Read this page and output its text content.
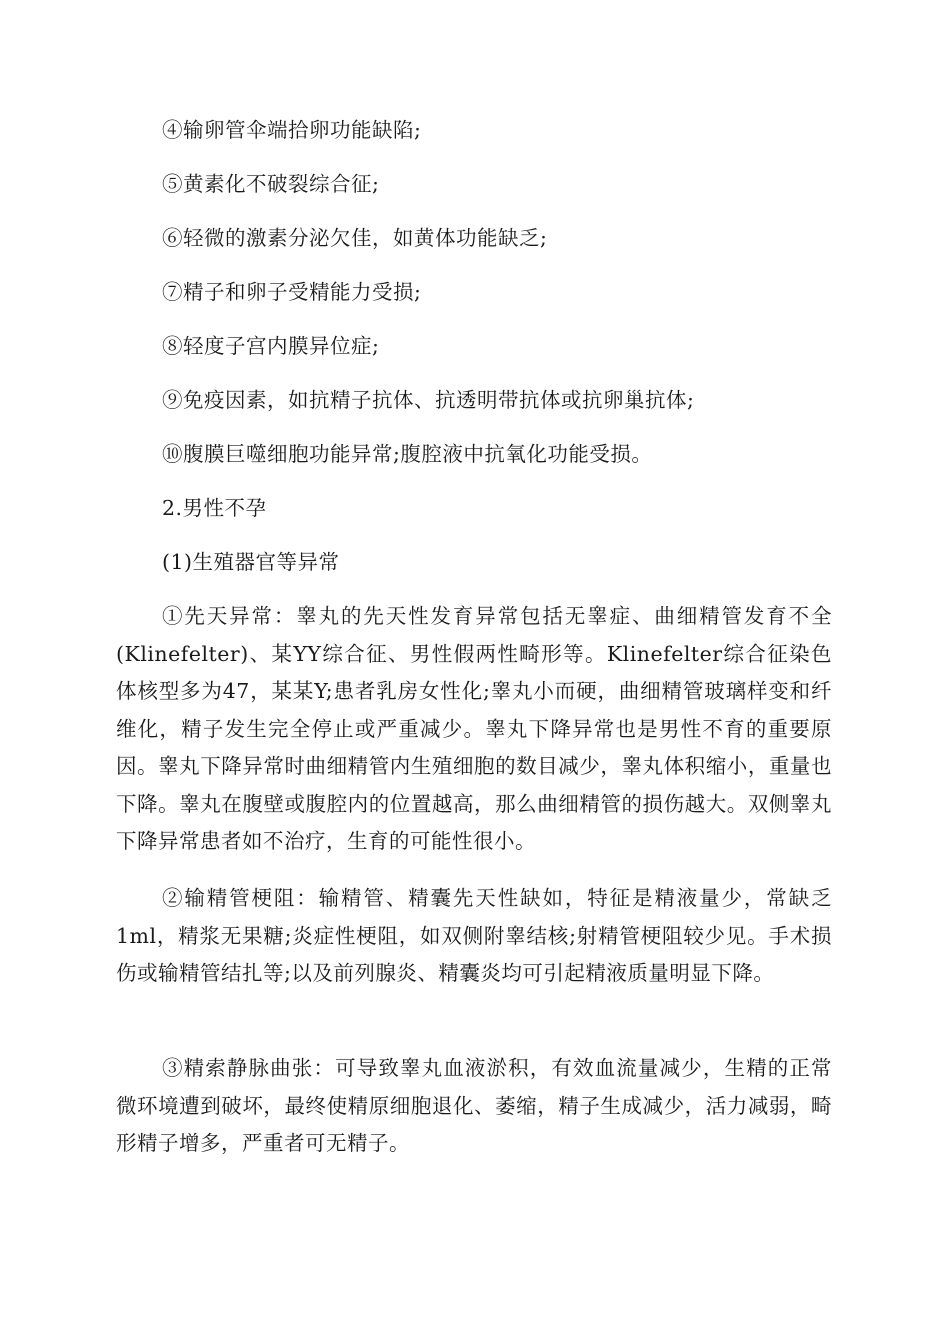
④输卵管伞端拾卵功能缺陷;
⑤黄素化不破裂综合征;
⑥轻微的激素分泌欠佳，如黄体功能缺乏;
⑦精子和卵子受精能力受损;
⑧轻度子宫内膜异位症;
⑨免疫因素，如抗精子抗体、抗透明带抗体或抗卵巢抗体;
⑩腹膜巨噬细胞功能异常;腹腔液中抗氧化功能受损。
2.男性不孕
(1)生殖器官等异常

①先天异常：睾丸的先天性发育异常包括无睾症、曲细精管发育不全(Klinefelter)、某YY综合征、男性假两性畸形等。Klinefelter综合征染色体核型多为47，某某Y;患者乳房女性化;睾丸小而硬，曲细精管玻璃样变和纤维化，精子发生完全停止或严重减少。睾丸下降异常也是男性不育的重要原因。睾丸下降异常时曲细精管内生殖细胞的数目减少，睾丸体积缩小，重量也下降。睾丸在腹壁或腹腔内的位置越高，那么曲细精管的损伤越大。双侧睾丸下降异常患者如不治疗，生育的可能性很小。

②输精管梗阻：输精管、精囊先天性缺如，特征是精液量少，常缺乏1ml，精浆无果糖;炎症性梗阻，如双侧附睾结核;射精管梗阻较少见。手术损伤或输精管结扎等;以及前列腺炎、精囊炎均可引起精液质量明显下降。

③精索静脉曲张：可导致睾丸血液淤积，有效血流量减少，生精的正常微环境遭到破坏，最终使精原细胞退化、萎缩，精子生成减少，活力减弱，畸形精子增多，严重者可无精子。
